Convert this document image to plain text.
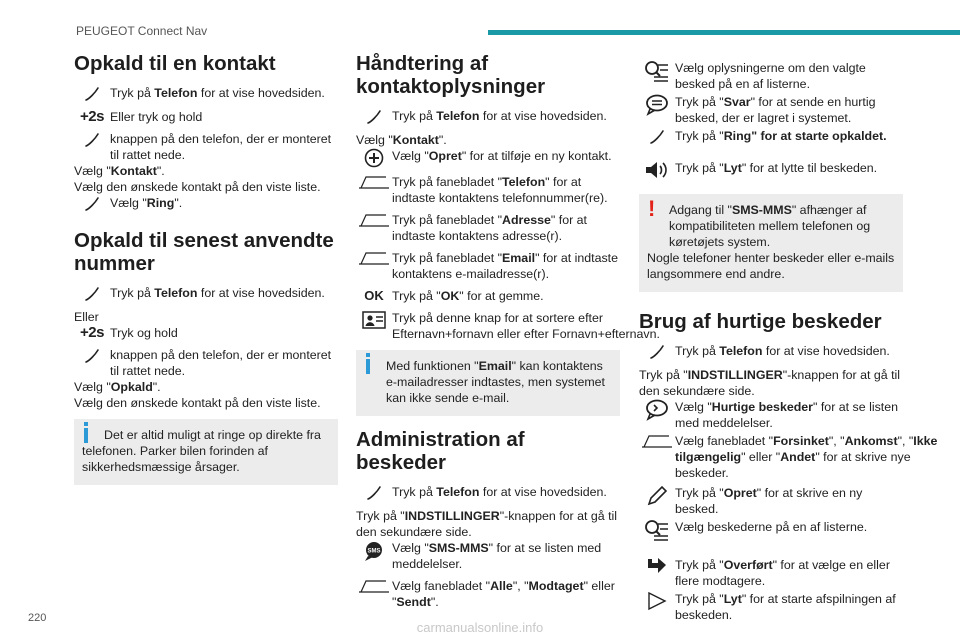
PEUGEOT Connect Nav
Opkald til en kontakt
Tryk på Telefon for at vise hovedsiden.
+2s Eller tryk og hold
knappen på den telefon, der er monteret til rattet nede.
Vælg "Kontakt".
Vælg den ønskede kontakt på den viste liste.
Vælg "Ring".
Opkald til senest anvendte nummer
Tryk på Telefon for at vise hovedsiden.
Eller
+2s Tryk og hold
knappen på den telefon, der er monteret til rattet nede.
Vælg "Opkald".
Vælg den ønskede kontakt på den viste liste.
Det er altid muligt at ringe op direkte fra
telefonen. Parker bilen forinden af sikkerhedsmæssige årsager.
Håndtering af kontaktoplysninger
Tryk på Telefon for at vise hovedsiden.
Vælg "Kontakt".
Vælg "Opret" for at tilføje en ny kontakt.
Tryk på fanebladet "Telefon" for at indtaste kontaktens telefonnummer(re).
Tryk på fanebladet "Adresse" for at indtaste kontaktens adresse(r).
Tryk på fanebladet "Email" for at indtaste kontaktens e-mailadresse(r).
OK Tryk på "OK" for at gemme.
Tryk på denne knap for at sortere efter Efternavn+fornavn eller efter Fornavn+efternavn.
Med funktionen "Email" kan kontaktens e-mailadresser indtastes, men systemet kan ikke sende e-mail.
Administration af beskeder
Tryk på Telefon for at vise hovedsiden.
Tryk på "INDSTILLINGER"-knappen for at gå til den sekundære side.
SMS Vælg "SMS-MMS" for at se listen med meddelelser.
Vælg fanebladet "Alle", "Modtaget" eller "Sendt".
Vælg oplysningerne om den valgte besked på en af listerne.
Tryk på "Svar" for at sende en hurtig besked, der er lagret i systemet.
Tryk på "Ring" for at starte opkaldet.
Tryk på "Lyt" for at lytte til beskeden.
!	Adgang til "SMS-MMS" afhænger af kompatibiliteten mellem telefonen og køretøjets system.
Nogle telefoner henter beskeder eller e-mails langsommere end andre.
Brug af hurtige beskeder
Tryk på Telefon for at vise hovedsiden.
Tryk på "INDSTILLINGER"-knappen for at gå til den sekundære side.
Vælg "Hurtige beskeder" for at se listen med meddelelser.
Vælg fanebladet "Forsinket", "Ankomst", "Ikke tilgængelig" eller "Andet" for at skrive nye beskeder.
Tryk på "Opret" for at skrive en ny besked.
Vælg beskederne på en af listerne.
Tryk på "Overført" for at vælge en eller flere modtagere.
Tryk på "Lyt" for at starte afspilningen af beskeden.
220
carmanualsonline.info
